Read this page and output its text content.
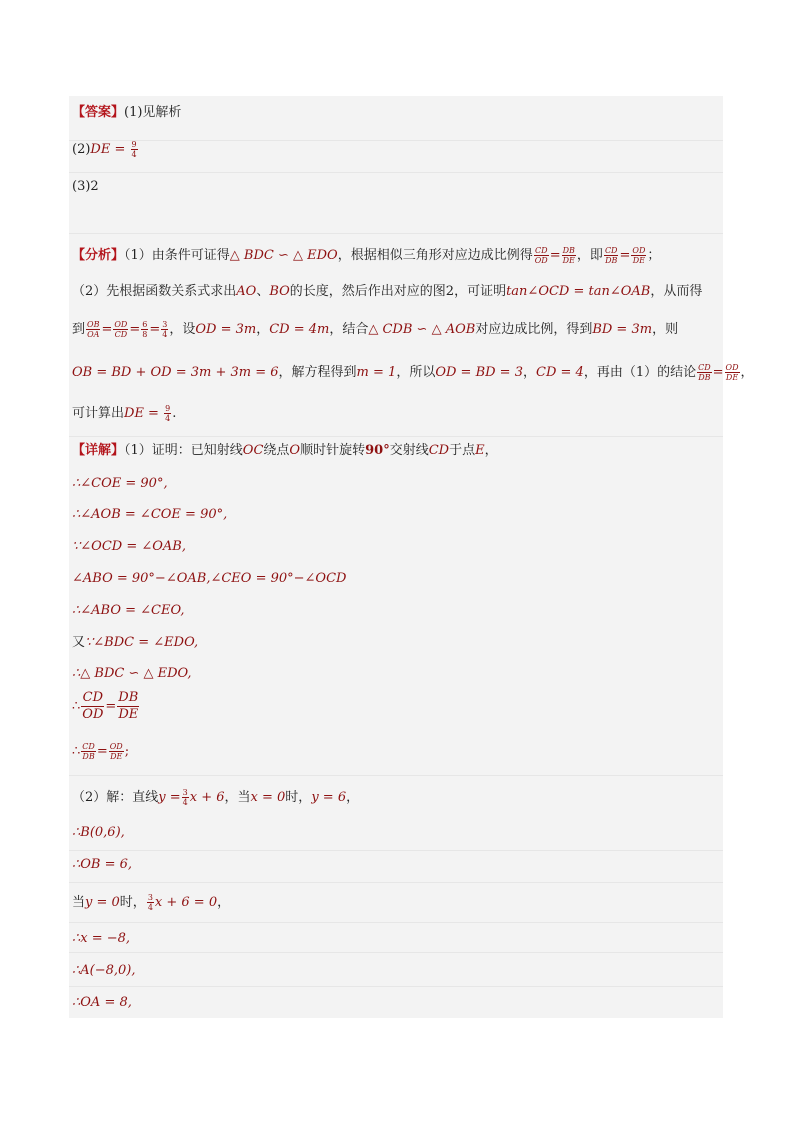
【答案】(1)见解析
$(2)DE = \frac{9}{4}$
(3)2
【分析】（1）由条件可证得△ BDC ∽ △ EDO，根据相似三角形对应边成比例得 $\frac{CD}{OD} = \frac{DB}{DE}$ ，即 $\frac{CD}{DB} = \frac{OD}{DE}$ ；
（2）先根据函数关系式求出AO、BO的长度，然后作出对应的图2，可证明tan∠OCD = tan∠OAB，从而得
到 $\frac{OB}{OA} = \frac{OD}{CD} = \frac{6}{8} = \frac{3}{4}$ ，设OD = 3m，CD = 4m，结合△ CDB ∽ △ AOB对应边成比例，得到BD = 3m，则
OB = BD + OD = 3m + 3m = 6，解方程得到m = 1，所以OD = BD = 3，CD = 4，再由（1）的结论 $\frac{CD}{DB} = \frac{OD}{DE}$ ，
可计算出DE = $\frac{9}{4}$ .
【详解】（1）证明：已知射线OC绕点O顺时针旋转90°交射线CD于点E，
∴∠COE = 90°,
∴∠AOB = ∠COE = 90°,
∵∠OCD = ∠OAB,
∠ABO = 90°−∠OAB,∠CEO = 90°−∠OCD
∴∠ABO = ∠CEO,
又∵∠BDC = ∠EDO,
∴△ BDC ∽ △ EDO,
∴ $\frac{CD}{OD} = \frac{DB}{DE}$
∴ $\frac{CD}{DB} = \frac{OD}{DE}$ ;
（2）解：直线$y = \frac{3}{4}$ x + 6，当x = 0时，y = 6，
∴B(0,6),
∴OB = 6,
当y = 0时， $\frac{3}{4}$ x + 6 = 0，
∴x = −8,
∴A(−8,0),
∴OA = 8,
